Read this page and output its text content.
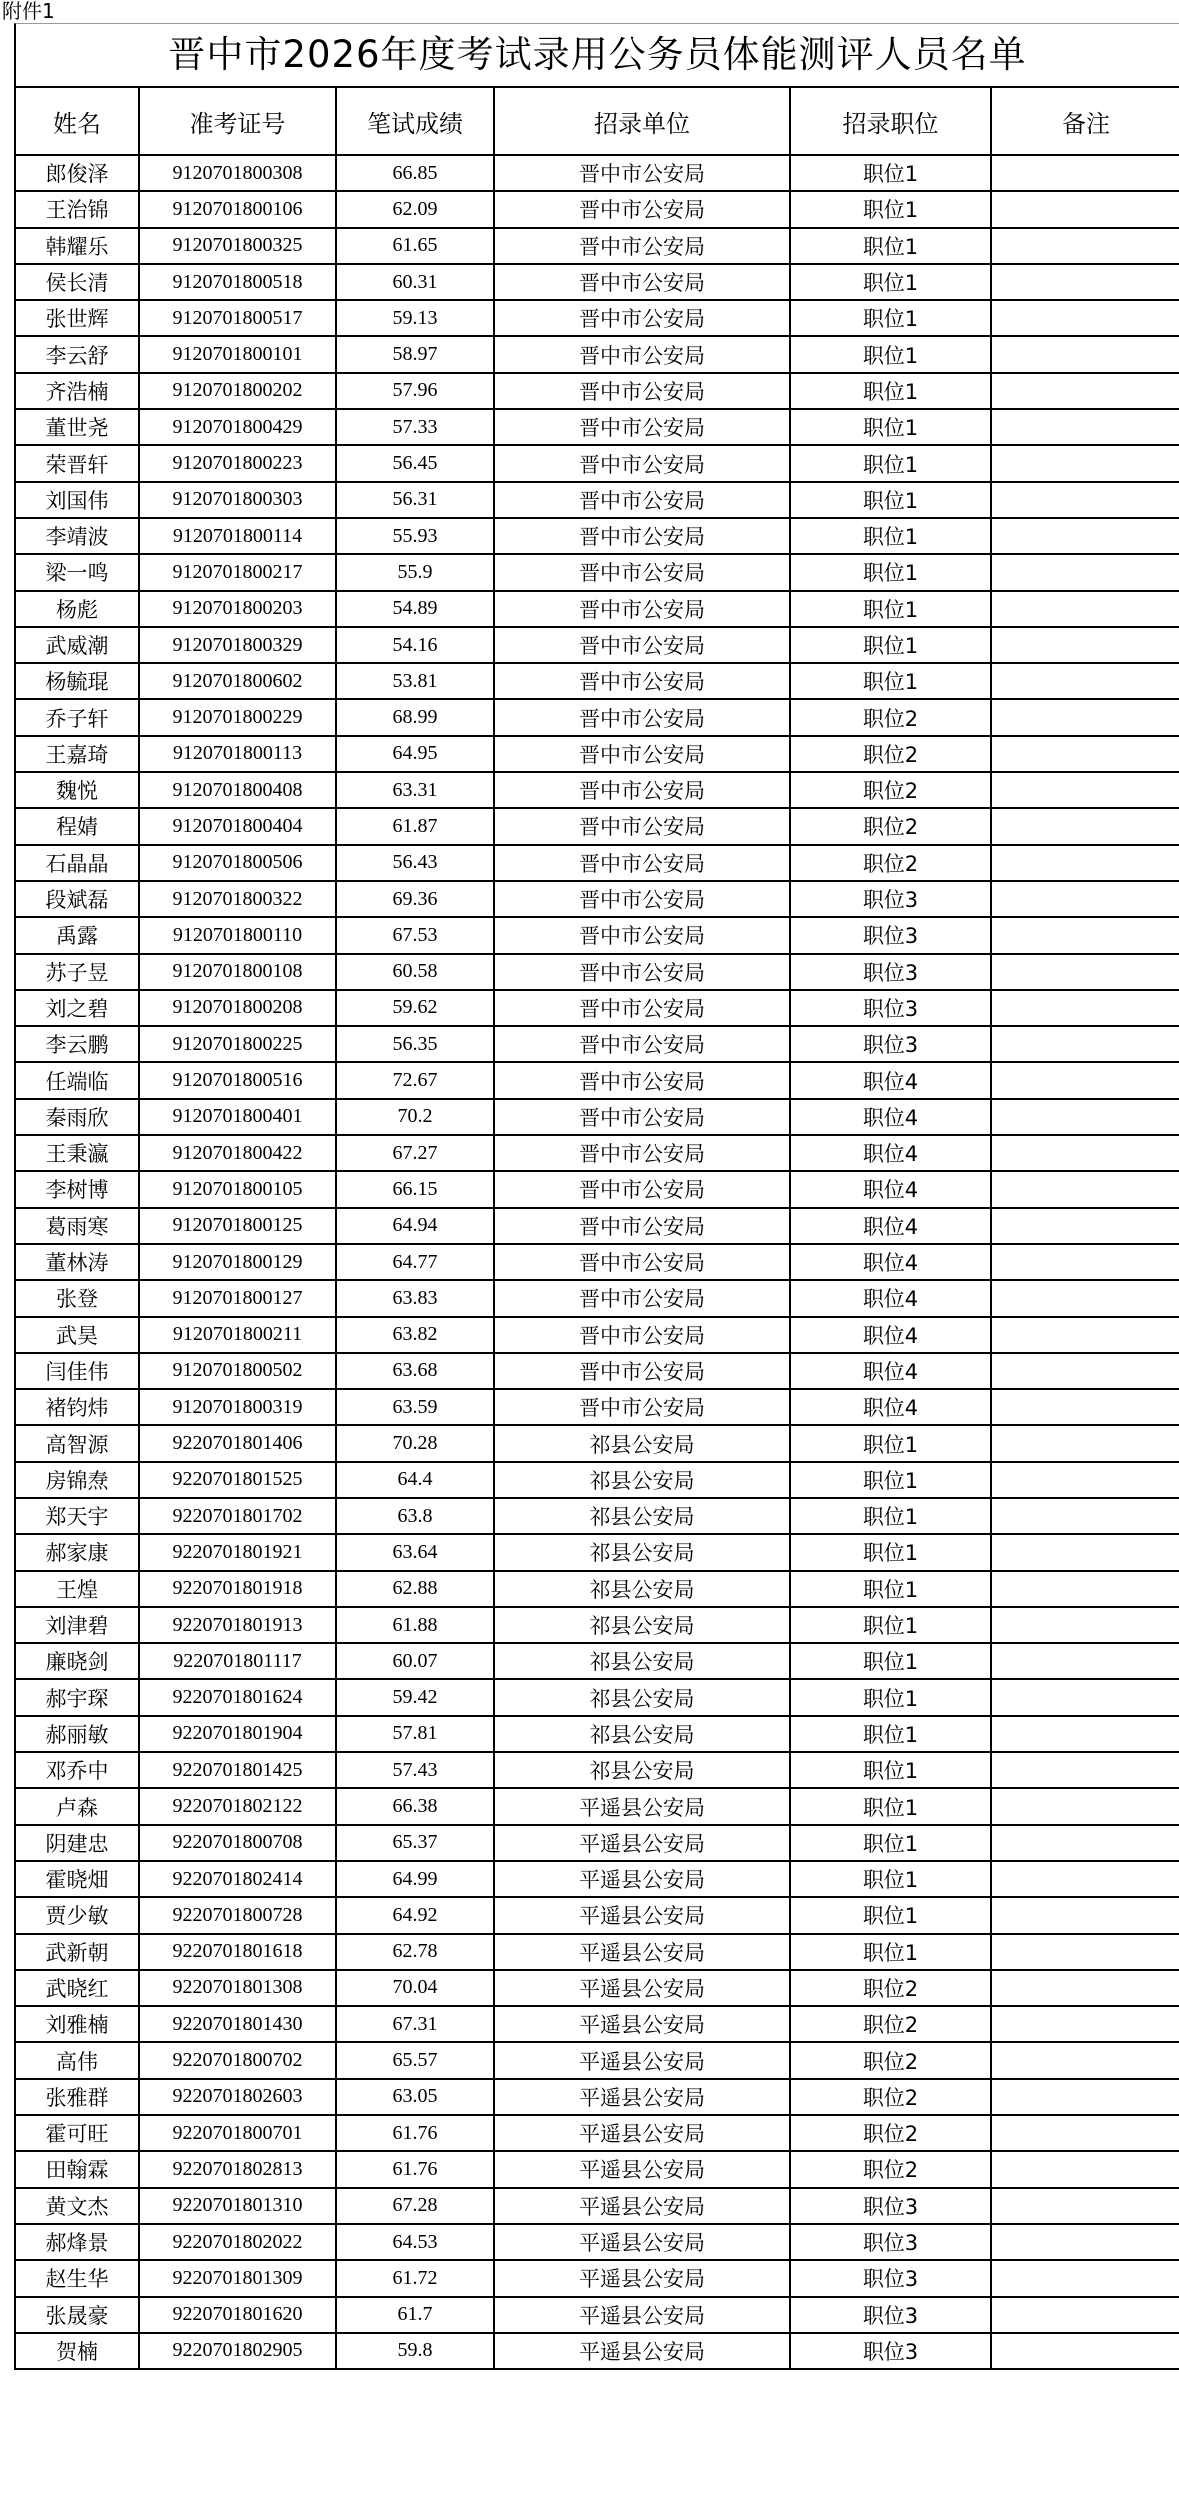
附件1
晋中市2026年度考试录用公务员体能测评人员名单
姓名	准考证号	笔试成绩	招录单位	招录职位	备注
郎俊泽	9120701800308	66.85	晋中市公安局	职位1	
王治锦	9120701800106	62.09	晋中市公安局	职位1	
韩耀乐	9120701800325	61.65	晋中市公安局	职位1	
侯长清	9120701800518	60.31	晋中市公安局	职位1	
张世辉	9120701800517	59.13	晋中市公安局	职位1	
李云舒	9120701800101	58.97	晋中市公安局	职位1	
齐浩楠	9120701800202	57.96	晋中市公安局	职位1	
董世尧	9120701800429	57.33	晋中市公安局	职位1	
荣晋轩	9120701800223	56.45	晋中市公安局	职位1	
刘国伟	9120701800303	56.31	晋中市公安局	职位1	
李靖波	9120701800114	55.93	晋中市公安局	职位1	
梁一鸣	9120701800217	55.9	晋中市公安局	职位1	
杨彪	9120701800203	54.89	晋中市公安局	职位1	
武威潮	9120701800329	54.16	晋中市公安局	职位1	
杨毓琨	9120701800602	53.81	晋中市公安局	职位1	
乔子轩	9120701800229	68.99	晋中市公安局	职位2	
王嘉琦	9120701800113	64.95	晋中市公安局	职位2	
魏悦	9120701800408	63.31	晋中市公安局	职位2	
程婧	9120701800404	61.87	晋中市公安局	职位2	
石晶晶	9120701800506	56.43	晋中市公安局	职位2	
段斌磊	9120701800322	69.36	晋中市公安局	职位3	
禹露	9120701800110	67.53	晋中市公安局	职位3	
苏子昱	9120701800108	60.58	晋中市公安局	职位3	
刘之碧	9120701800208	59.62	晋中市公安局	职位3	
李云鹏	9120701800225	56.35	晋中市公安局	职位3	
任端临	9120701800516	72.67	晋中市公安局	职位4	
秦雨欣	9120701800401	70.2	晋中市公安局	职位4	
王秉瀛	9120701800422	67.27	晋中市公安局	职位4	
李树博	9120701800105	66.15	晋中市公安局	职位4	
葛雨寒	9120701800125	64.94	晋中市公安局	职位4	
董林涛	9120701800129	64.77	晋中市公安局	职位4	
张登	9120701800127	63.83	晋中市公安局	职位4	
武昊	9120701800211	63.82	晋中市公安局	职位4	
闫佳伟	9120701800502	63.68	晋中市公安局	职位4	
褚钧炜	9120701800319	63.59	晋中市公安局	职位4	
高智源	9220701801406	70.28	祁县公安局	职位1	
房锦焘	9220701801525	64.4	祁县公安局	职位1	
郑天宇	9220701801702	63.8	祁县公安局	职位1	
郝家康	9220701801921	63.64	祁县公安局	职位1	
王煌	9220701801918	62.88	祁县公安局	职位1	
刘津碧	9220701801913	61.88	祁县公安局	职位1	
廉晓剑	9220701801117	60.07	祁县公安局	职位1	
郝宇琛	9220701801624	59.42	祁县公安局	职位1	
郝丽敏	9220701801904	57.81	祁县公安局	职位1	
邓乔中	9220701801425	57.43	祁县公安局	职位1	
卢森	9220701802122	66.38	平遥县公安局	职位1	
阴建忠	9220701800708	65.37	平遥县公安局	职位1	
霍晓畑	9220701802414	64.99	平遥县公安局	职位1	
贾少敏	9220701800728	64.92	平遥县公安局	职位1	
武新朝	9220701801618	62.78	平遥县公安局	职位1	
武晓红	9220701801308	70.04	平遥县公安局	职位2	
刘雅楠	9220701801430	67.31	平遥县公安局	职位2	
高伟	9220701800702	65.57	平遥县公安局	职位2	
张雅群	9220701802603	63.05	平遥县公安局	职位2	
霍可旺	9220701800701	61.76	平遥县公安局	职位2	
田翰霖	9220701802813	61.76	平遥县公安局	职位2	
黄文杰	9220701801310	67.28	平遥县公安局	职位3	
郝烽景	9220701802022	64.53	平遥县公安局	职位3	
赵生华	9220701801309	61.72	平遥县公安局	职位3	
张晟豪	9220701801620	61.7	平遥县公安局	职位3	
贺楠	9220701802905	59.8	平遥县公安局	职位3	
